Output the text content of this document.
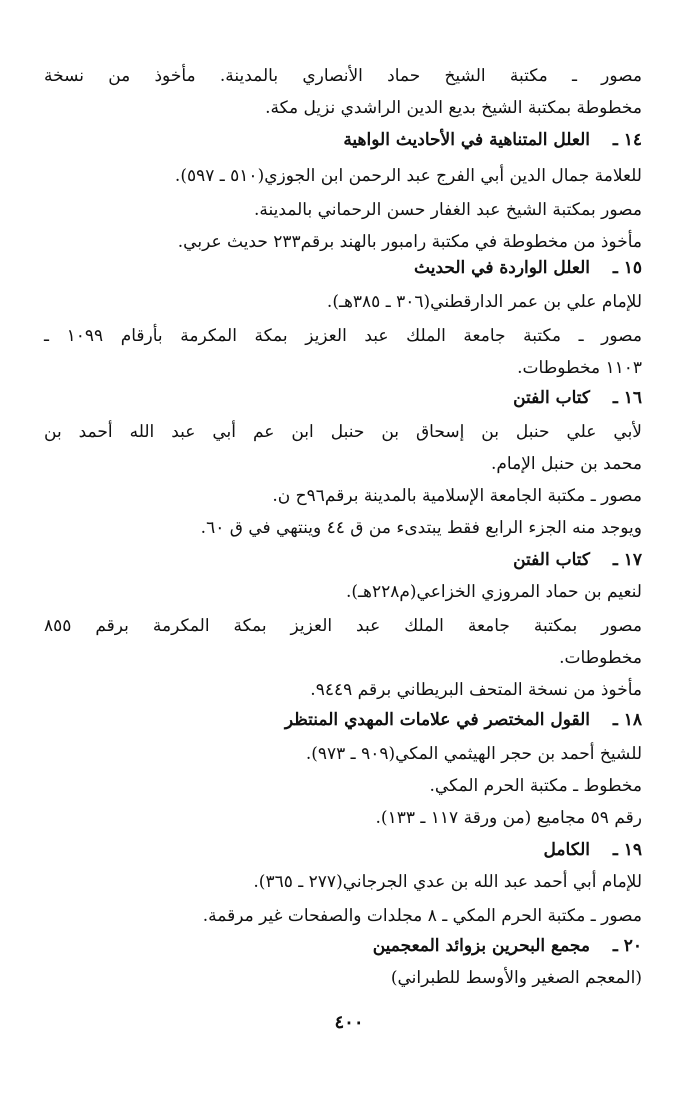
مصور ـ مكتبة الشيخ حماد الأنصاري بالمدينة. مأخوذ من نسخة
مخطوطة بمكتبة الشيخ بديع الدين الراشدي نزيل مكة.
١٤ ـ
العلل المتناهية في الأحاديث الواهية
للعلامة جمال الدين أبي الفرج عبد الرحمن ابن الجوزي(٥١٠ ـ ٥٩٧).
مصور بمكتبة الشيخ عبد الغفار حسن الرحماني بالمدينة.
مأخوذ من مخطوطة في مكتبة رامبور بالهند برقم٢٣٣ حديث عربي.
١٥ ـ
العلل الواردة في الحديث
للإمام علي بن عمر الدارقطني(٣٠٦ ـ ٣٨٥هـ).
مصور ـ مكتبة جامعة الملك عبد العزيز بمكة المكرمة بأرقام ١٠٩٩ ـ
١١٠٣ مخطوطات.
١٦ ـ
كتاب الفتن
لأبي علي حنبل بن إسحاق بن حنبل ابن عم أبي عبد الله أحمد بن
محمد بن حنبل الإمام.
مصور ـ مكتبة الجامعة الإسلامية بالمدينة برقم٩٦ح ن.
ويوجد منه الجزء الرابع فقط يبتدىء من ق ٤٤ وينتهي في ق ٦٠.
١٧ ـ
كتاب الفتن
لنعيم بن حماد المروزي الخزاعي(م٢٢٨هـ).
مصور بمكتبة جامعة الملك عبد العزيز بمكة المكرمة برقم ٨٥٥
مخطوطات.
مأخوذ من نسخة المتحف البريطاني برقم ٩٤٤٩.
١٨ ـ
القول المختصر في علامات المهدي المنتظر
للشيخ أحمد بن حجر الهيثمي المكي(٩٠٩ ـ ٩٧٣).
مخطوط ـ مكتبة الحرم المكي.
رقم ٥٩ مجاميع (من ورقة ١١٧ ـ ١٣٣).
١٩ ـ
الكامل
للإمام أبي أحمد عبد الله بن عدي الجرجاني(٢٧٧ ـ ٣٦٥).
مصور ـ مكتبة الحرم المكي ـ ٨ مجلدات والصفحات غير مرقمة.
٢٠ ـ
مجمع البحرين بزوائد المعجمين
(المعجم الصغير والأوسط للطبراني)
٤٠٠
